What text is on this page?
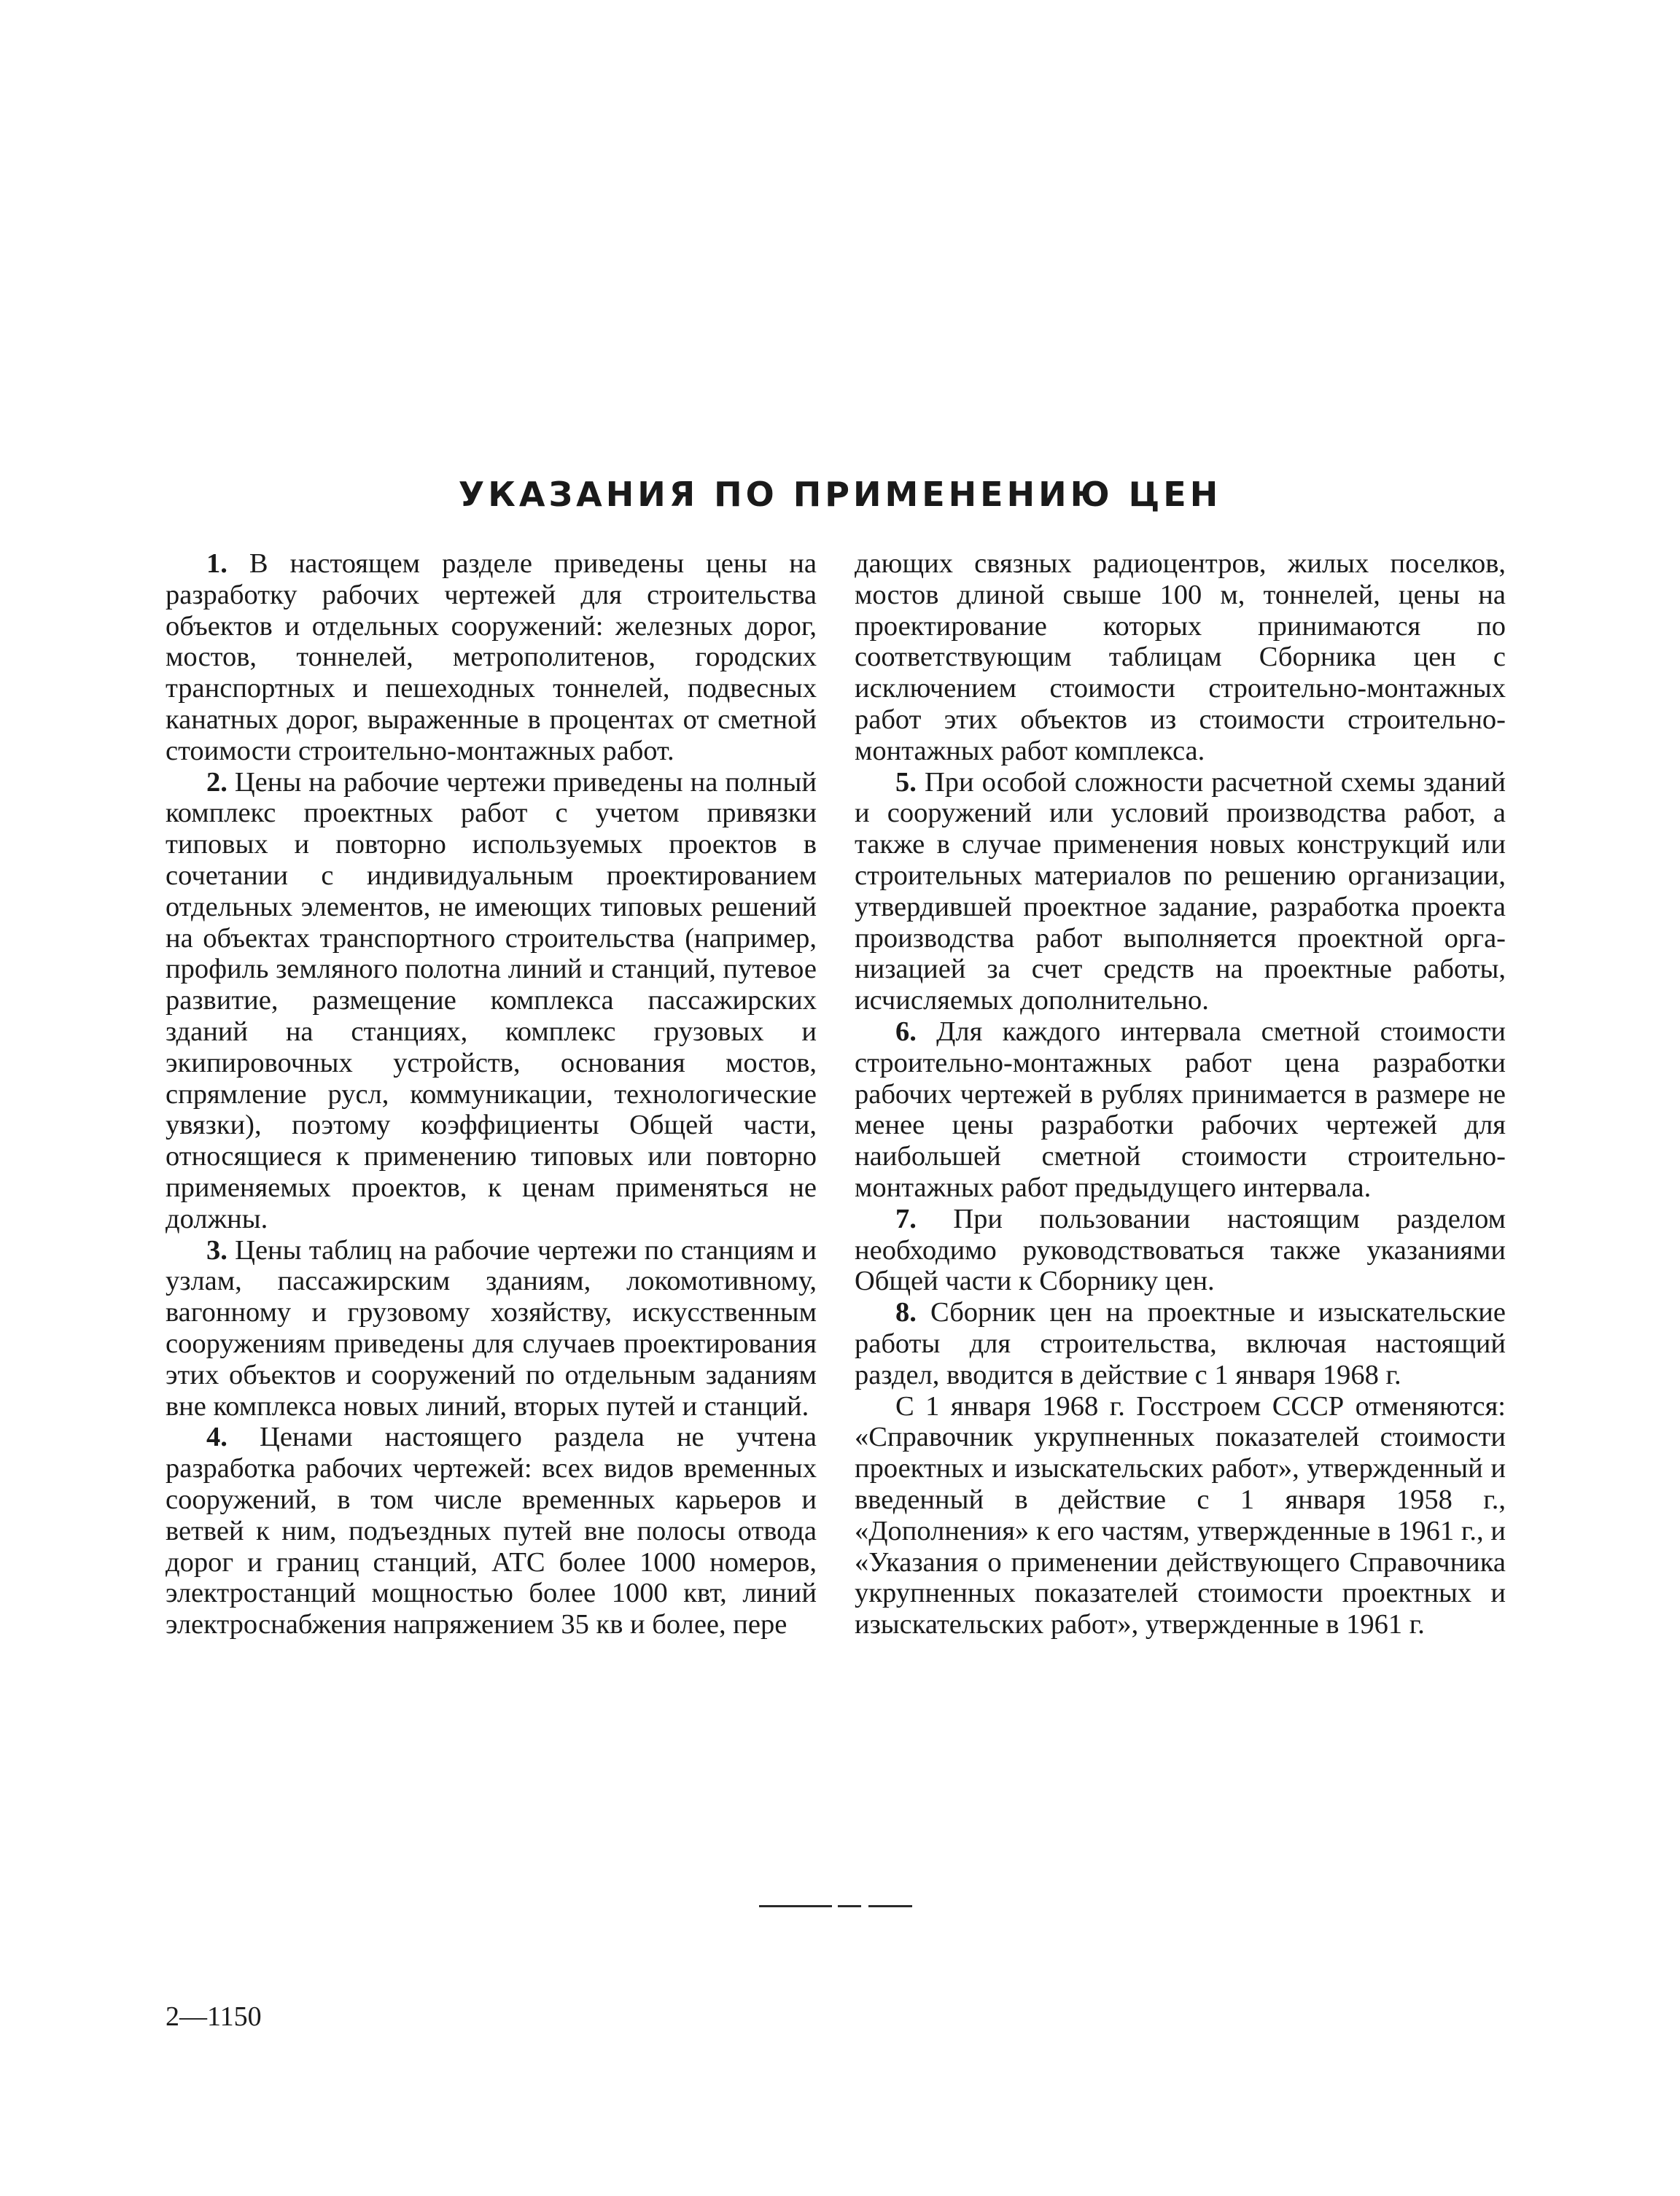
УКАЗАНИЯ ПО ПРИМЕНЕНИЮ ЦЕН

1. В настоящем разделе приведены цены на разработку рабочих чертежей для строительства объектов и отдельных сооружений: железных дорог, мостов, тоннелей, метрополитенов, городских транспортных и пешеходных тоннелей, подвесных канатных дорог, выраженные в процентах от сметной стоимости строительно-монтажных работ.

2. Цены на рабочие чертежи приведены на полный комплекс проектных работ с учетом привязки типовых и повторно используемых проектов в сочетании с индивидуальным проектированием отдельных элементов, не имеющих типовых решений на объектах транспортного строительства (например, профиль земляного полотна линий и станций, путевое развитие, размещение комплекса пассажирских зданий на станциях, комплекс грузовых и экипировочных устройств, основания мостов, спрямление русл, коммуникации, технологические увязки), поэтому коэффициенты Общей части, относящиеся к применению типовых или повторно применяемых проектов, к ценам применяться не должны.

3. Цены таблиц на рабочие чертежи по станциям и узлам, пассажирским зданиям, локомотивному, вагонному и грузовому хозяйству, искусственным сооружениям приведены для случаев проектирования этих объектов и сооружений по отдельным заданиям вне комплекса новых линий, вторых путей и станций.

4. Ценами настоящего раздела не учтена разработка рабочих чертежей: всех видов временных сооружений, в том числе временных карьеров и ветвей к ним, подъездных путей вне полосы отвода дорог и границ станций, АТС более 1000 номеров, электростанций мощностью более 1000 квт, линий электроснабжения напряжением 35 кв и более, пере

дающих связных радиоцентров, жилых поселков, мостов длиной свыше 100 м, тоннелей, цены на проектирование которых принимаются по соответствующим таблицам Сборника цен с исключением стоимости строительно-монтажных работ этих объектов из стоимости строительно-монтажных работ комплекса.

5. При особой сложности расчетной схемы зданий и сооружений или условий производства работ, а также в случае применения новых конструкций или строительных материалов по решению организации, утвердившей проектное задание, разработка проекта производства работ выполняется проектной организацией за счет средств на проектные работы, исчисляемых дополнительно.

6. Для каждого интервала сметной стоимости строительно-монтажных работ цена разработки рабочих чертежей в рублях принимается в размере не менее цены разработки рабочих чертежей для наибольшей сметной стоимости строительно-монтажных работ предыдущего интервала.

7. При пользовании настоящим разделом необходимо руководствоваться также указаниями Общей части к Сборнику цен.

8. Сборник цен на проектные и изыскательские работы для строительства, включая настоящий раздел, вводится в действие с 1 января 1968 г.

С 1 января 1968 г. Госстроем СССР отменяются: «Справочник укрупненных показателей стоимости проектных и изыскательских работ», утвержденный и введенный в действие с 1 января 1958 г., «Дополнения» к его частям, утвержденные в 1961 г., и «Указания о применении действующего Справочника укрупненных показателей стоимости проектных и изыскательских работ», утвержденные в 1961 г.

2—1150
